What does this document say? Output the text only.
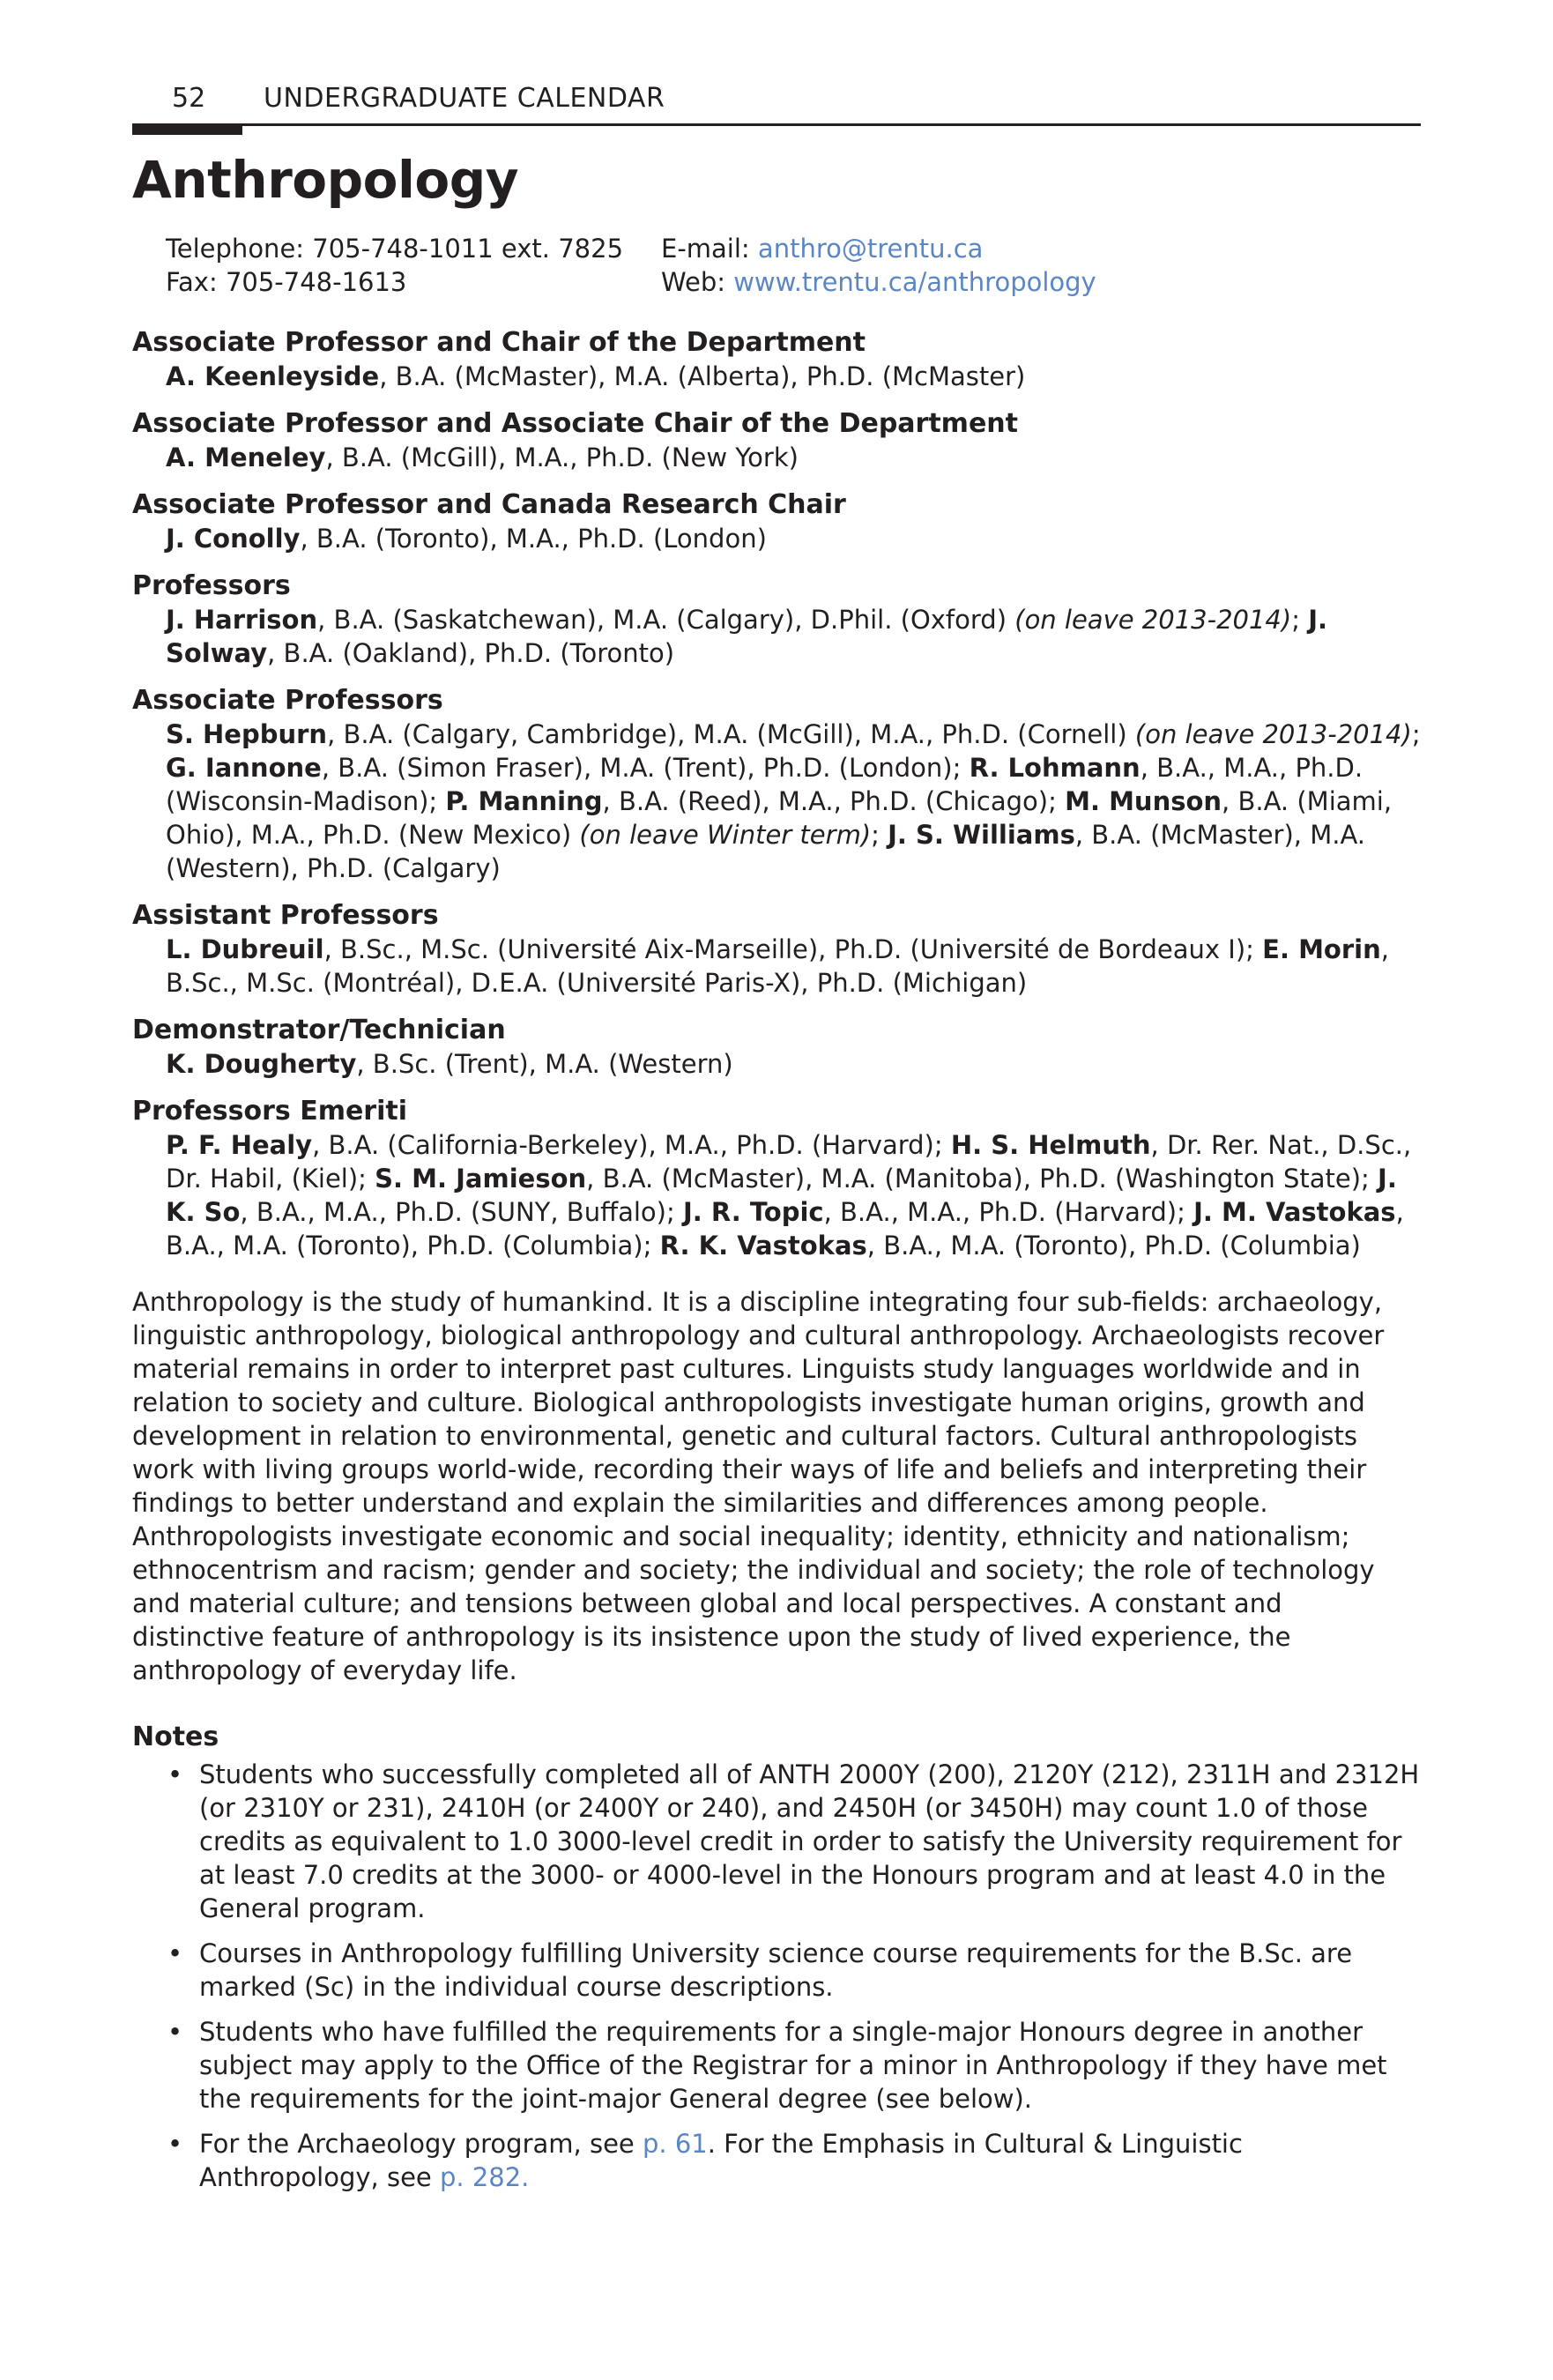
52 UNDERGRADUATE CALENDAR
Anthropology
Telephone: 705-748-1011 ext. 7825
Fax: 705-748-1613
E-mail: anthro@trentu.ca
Web: www.trentu.ca/anthropology
Associate Professor and Chair of the Department
A. Keenleyside, B.A. (McMaster), M.A. (Alberta), Ph.D. (McMaster)
Associate Professor and Associate Chair of the Department
A. Meneley, B.A. (McGill), M.A., Ph.D. (New York)
Associate Professor and Canada Research Chair
J. Conolly, B.A. (Toronto), M.A., Ph.D. (London)
Professors
J. Harrison, B.A. (Saskatchewan), M.A. (Calgary), D.Phil. (Oxford) (on leave 2013-2014); J. Solway, B.A. (Oakland), Ph.D. (Toronto)
Associate Professors
S. Hepburn, B.A. (Calgary, Cambridge), M.A. (McGill), M.A., Ph.D. (Cornell) (on leave 2013-2014); G. Iannone, B.A. (Simon Fraser), M.A. (Trent), Ph.D. (London); R. Lohmann, B.A., M.A., Ph.D. (Wisconsin-Madison); P. Manning, B.A. (Reed), M.A., Ph.D. (Chicago); M. Munson, B.A. (Miami, Ohio), M.A., Ph.D. (New Mexico) (on leave Winter term); J. S. Williams, B.A. (McMaster), M.A. (Western), Ph.D. (Calgary)
Assistant Professors
L. Dubreuil, B.Sc., M.Sc. (Université Aix-Marseille), Ph.D. (Université de Bordeaux I); E. Morin, B.Sc., M.Sc. (Montréal), D.E.A. (Université Paris-X), Ph.D. (Michigan)
Demonstrator/Technician
K. Dougherty, B.Sc. (Trent), M.A. (Western)
Professors Emeriti
P. F. Healy, B.A. (California-Berkeley), M.A., Ph.D. (Harvard); H. S. Helmuth, Dr. Rer. Nat., D.Sc., Dr. Habil, (Kiel); S. M. Jamieson, B.A. (McMaster), M.A. (Manitoba), Ph.D. (Washington State); J. K. So, B.A., M.A., Ph.D. (SUNY, Buffalo); J. R. Topic, B.A., M.A., Ph.D. (Harvard); J. M. Vastokas, B.A., M.A. (Toronto), Ph.D. (Columbia); R. K. Vastokas, B.A., M.A. (Toronto), Ph.D. (Columbia)

Anthropology is the study of humankind. It is a discipline integrating four sub-fields: archaeology, linguistic anthropology, biological anthropology and cultural anthropology. Archaeologists recover material remains in order to interpret past cultures. Linguists study languages worldwide and in relation to society and culture. Biological anthropologists investigate human origins, growth and development in relation to environmental, genetic and cultural factors. Cultural anthropologists work with living groups world-wide, recording their ways of life and beliefs and interpreting their findings to better understand and explain the similarities and differences among people. Anthropologists investigate economic and social inequality; identity, ethnicity and nationalism; ethnocentrism and racism; gender and society; the individual and society; the role of technology and material culture; and tensions between global and local perspectives. A constant and distinctive feature of anthropology is its insistence upon the study of lived experience, the anthropology of everyday life.

Notes
• Students who successfully completed all of ANTH 2000Y (200), 2120Y (212), 2311H and 2312H (or 2310Y or 231), 2410H (or 2400Y or 240), and 2450H (or 3450H) may count 1.0 of those credits as equivalent to 1.0 3000-level credit in order to satisfy the University requirement for at least 7.0 credits at the 3000- or 4000-level in the Honours program and at least 4.0 in the General program.
• Courses in Anthropology fulfilling University science course requirements for the B.Sc. are marked (Sc) in the individual course descriptions.
• Students who have fulfilled the requirements for a single-major Honours degree in another subject may apply to the Office of the Registrar for a minor in Anthropology if they have met the requirements for the joint-major General degree (see below).
• For the Archaeology program, see p. 61. For the Emphasis in Cultural & Linguistic Anthropology, see p. 282.
